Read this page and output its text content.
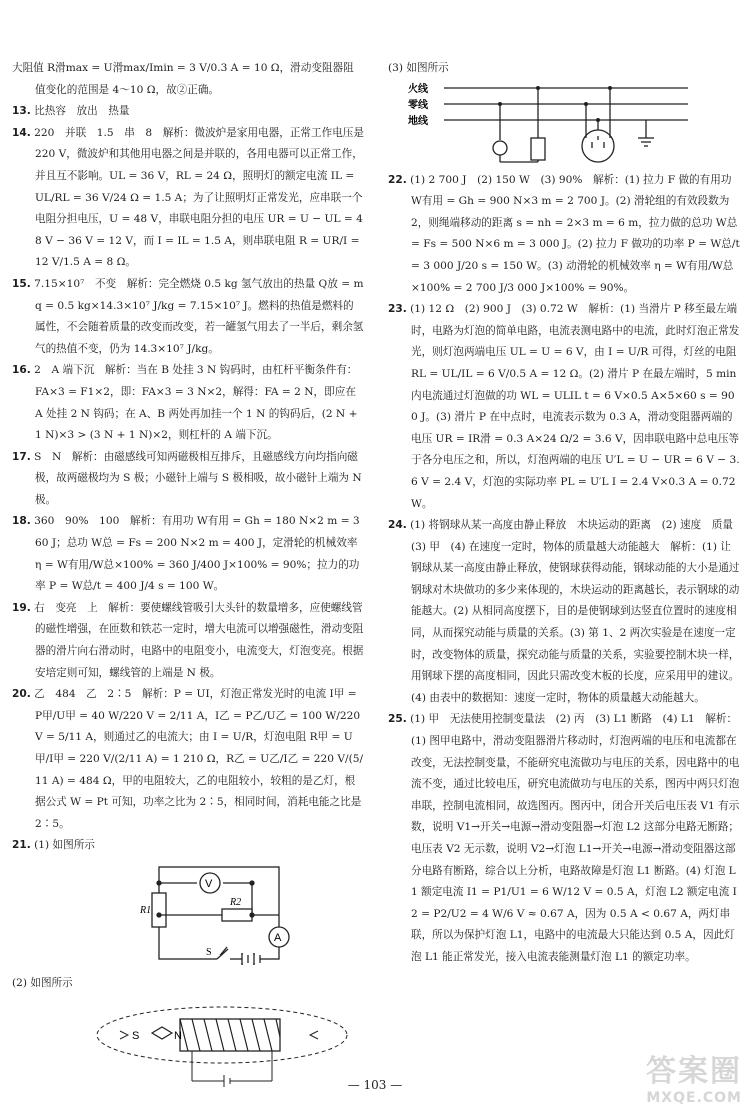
大阻值 R滑max = U滑max/Imin = 3 V/0.3 A = 10 Ω，滑动变阻器阻值变化的范围是 4～10 Ω，故②正确。

13. 比热容　放出　热量

14. 220　并联　1.5　串　8　解析：微波炉是家用电器，正常工作电压是 220 V，微波炉和其他用电器之间是并联的，各用电器可以正常工作，并且互不影响。UL = 36 V，RL = 24 Ω，照明灯的额定电流 IL = UL/RL = 36 V/24 Ω = 1.5 A；为了让照明灯正常发光，应串联一个电阻分担电压，U = 48 V，串联电阻分担的电压 UR = U − UL = 48 V − 36 V = 12 V，而 I = IL = 1.5 A，则串联电阻 R = UR/I = 12 V/1.5 A = 8 Ω。

15. 7.15×10⁷　不变　解析：完全燃烧 0.5 kg 氢气放出的热量 Q放 = mq = 0.5 kg×14.3×10⁷ J/kg = 7.15×10⁷ J。燃料的热值是燃料的属性，不会随着质量的改变而改变，若一罐氢气用去了一半后，剩余氢气的热值不变，仍为 14.3×10⁷ J/kg。

16. 2　A 端下沉　解析：当在 B 处挂 3 N 钩码时，由杠杆平衡条件有：FA×3 = F1×2，即：FA×3 = 3 N×2，解得：FA = 2 N，即应在 A 处挂 2 N 钩码；在 A、B 两处再加挂一个 1 N 的钩码后，(2 N + 1 N)×3 > (3 N + 1 N)×2，则杠杆的 A 端下沉。

17. S　N　解析：由磁感线可知两磁极相互排斥，且磁感线方向均指向磁极，故两磁极均为 S 极；小磁针上端与 S 极相吸，故小磁针上端为 N 极。

18. 360　90%　100　解析：有用功 W有用 = Gh = 180 N×2 m = 360 J；总功 W总 = Fs = 200 N×2 m = 400 J，定滑轮的机械效率 η = W有用/W总×100% = 360 J/400 J×100% = 90%；拉力的功率 P = W总/t = 400 J/4 s = 100 W。

19. 右　变亮　上　解析：要使螺线管吸引大头针的数量增多，应使螺线管的磁性增强，在匝数和铁芯一定时，增大电流可以增强磁性，滑动变阻器的滑片向右滑动时，电路中的电阻变小，电流变大，灯泡变亮。根据安培定则可知，螺线管的上端是 N 极。

20. 乙　484　乙　2∶5　解析：P = UI，灯泡正常发光时的电流 I甲 = P甲/U甲 = 40 W/220 V = 2/11 A，I乙 = P乙/U乙 = 100 W/220 V = 5/11 A，则通过乙的电流大；由 I = U/R，灯泡电阻 R甲 = U甲/I甲 = 220 V/(2/11 A) = 1 210 Ω，R乙 = U乙/I乙 = 220 V/(5/11 A) = 484 Ω，甲的电阻较大，乙的电阻较小，较粗的是乙灯，根据公式 W = Pt 可知，功率之比为 2∶5，相同时间，消耗电能之比是 2∶5。

21. (1) 如图所示

V
A
R1
R2
S

(2) 如图所示

S	N

(3) 如图所示

火线
零线
地线

22. (1) 2 700 J　(2) 150 W　(3) 90%　解析：(1) 拉力 F 做的有用功 W有用 = Gh = 900 N×3 m = 2 700 J。(2) 滑轮组的有效段数为 2，则绳端移动的距离 s = nh = 2×3 m = 6 m，拉力做的总功 W总 = Fs = 500 N×6 m = 3 000 J。(2) 拉力 F 做功的功率 P = W总/t = 3 000 J/20 s = 150 W。(3) 动滑轮的机械效率 η = W有用/W总×100% = 2 700 J/3 000 J×100% = 90%。

23. (1) 12 Ω　(2) 900 J　(3) 0.72 W　解析：(1) 当滑片 P 移至最左端时，电路为灯泡的简单电路，电流表测电路中的电流，此时灯泡正常发光，则灯泡两端电压 UL = U = 6 V，由 I = U/R 可得，灯丝的电阻 RL = UL/IL = 6 V/0.5 A = 12 Ω。(2) 滑片 P 在最左端时，5 min 内电流通过灯泡做的功 WL = ULIL t = 6 V×0.5 A×5×60 s = 900 J。(3) 滑片 P 在中点时，电流表示数为 0.3 A，滑动变阻器两端的电压 UR = IR滑 = 0.3 A×24 Ω/2 = 3.6 V，因串联电路中总电压等于各分电压之和，所以，灯泡两端的电压 U′L = U − UR = 6 V − 3.6 V = 2.4 V，灯泡的实际功率 PL = U′L I = 2.4 V×0.3 A = 0.72 W。

24. (1) 将钢球从某一高度由静止释放　木块运动的距离　(2) 速度　质量　(3) 甲　(4) 在速度一定时，物体的质量越大动能越大　解析：(1) 让钢球从某一高度由静止释放，使钢球获得动能，钢球动能的大小是通过钢球对木块做功的多少来体现的，木块运动的距离越长，表示钢球的动能越大。(2) 从相同高度摆下，目的是使钢球到达竖直位置时的速度相同，从而探究动能与质量的关系。(3) 第 1、2 两次实验是在速度一定时，改变物体的质量，探究动能与质量的关系，实验要控制木块一样，用钢球下摆的高度相同，因此只需改变木板的长度，应采用甲的建议。(4) 由表中的数据知：速度一定时，物体的质量越大动能越大。

25. (1) 甲　无法使用控制变量法　(2) 丙　(3) L1 断路　(4) L1　解析：(1) 图甲电路中，滑动变阻器滑片移动时，灯泡两端的电压和电流都在改变，无法控制变量，不能研究电流做功与电压的关系，因电路中的电流不变，通过比较电压，研究电流做功与电压的关系，图丙中两只灯泡串联，控制电流相同，故选图丙。图丙中，闭合开关后电压表 V1 有示数，说明 V1→开关→电源→滑动变阻器→灯泡 L2 这部分电路无断路；电压表 V2 无示数，说明 V2→灯泡 L1→开关→电源→滑动变阻器这部分电路有断路，综合以上分析，电路故障是灯泡 L1 断路。(4) 灯泡 L1 额定电流 I1 = P1/U1 = 6 W/12 V = 0.5 A，灯泡 L2 额定电流 I2 = P2/U2 = 4 W/6 V ≈ 0.67 A，因为 0.5 A < 0.67 A，两灯串联，所以为保护灯泡 L1，电路中的电流最大只能达到 0.5 A，因此灯泡 L1 能正常发光，接入电流表能测量灯泡 L1 的额定功率。

— 103 —	答案圈
MXQE.COM
